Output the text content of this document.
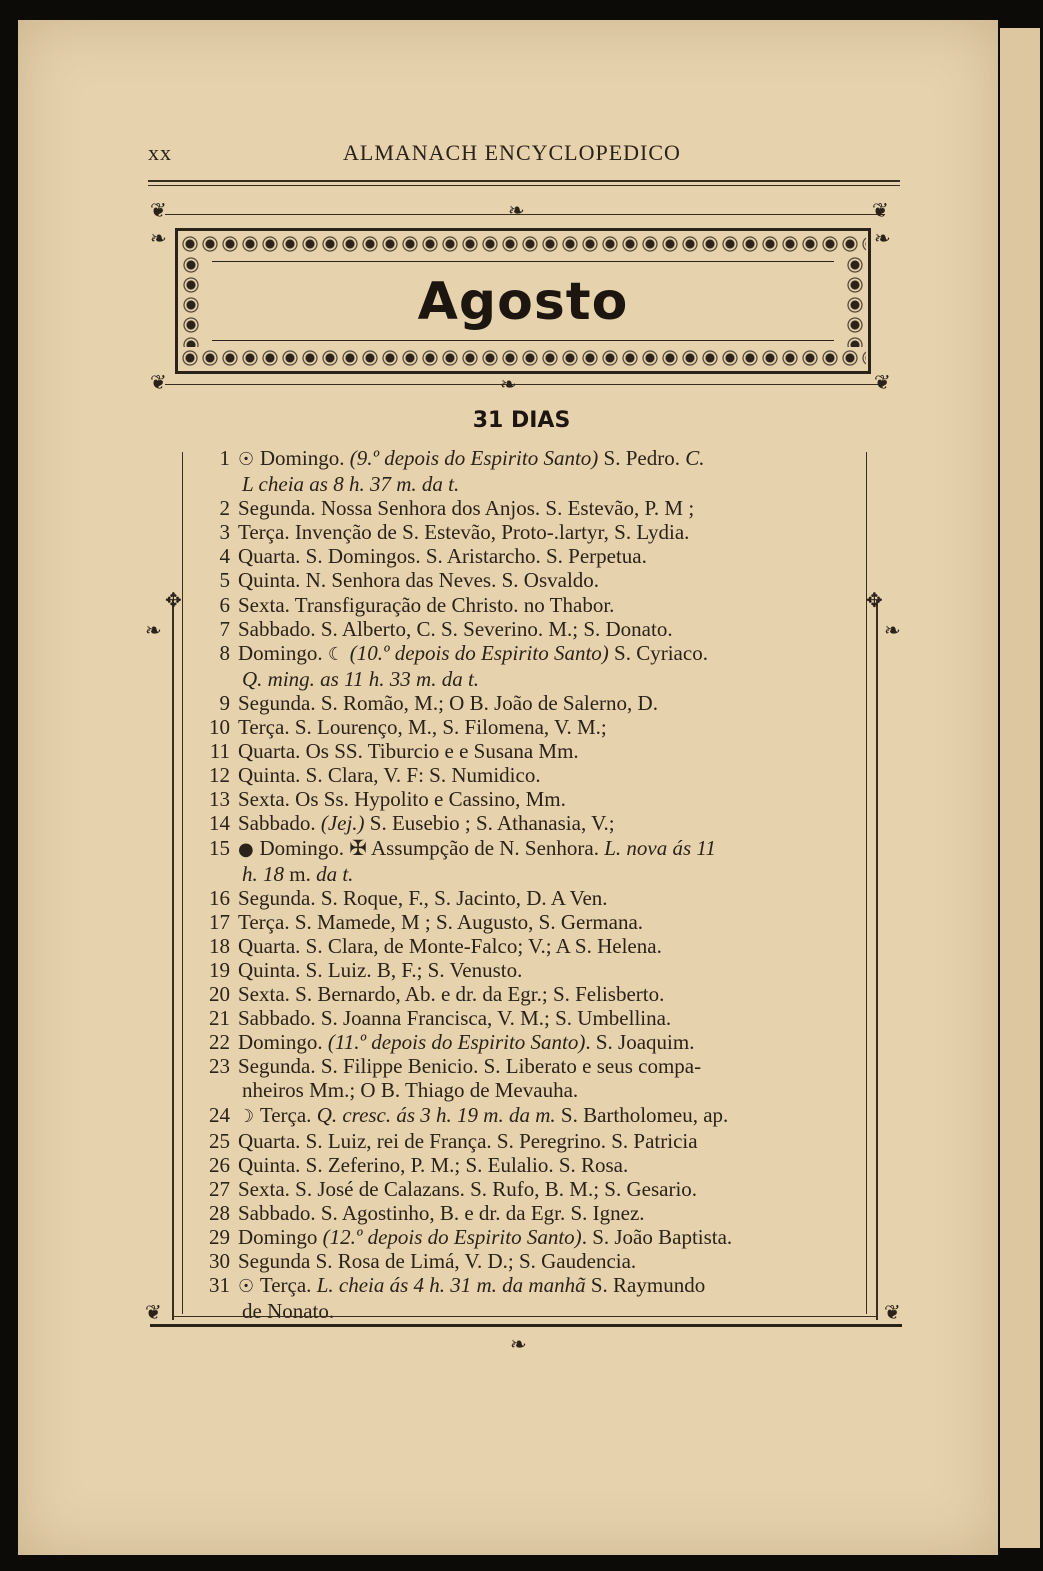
xx	ALMANACH ENCYCLOPEDICO
❦	❧	❦
❧	❧
Agosto
❦	❧	❦
31 DIAS
❧	❧
✥	✥
1 ☉ Domingo. (9.º depois do Espirito Santo) S. Pedro. C.
L cheia as 8 h. 37 m. da t.
2 Segunda. Nossa Senhora dos Anjos. S. Estevão, P. M ;
3 Terça. Invenção de S. Estevão, Proto-.lartyr, S. Lydia.
4 Quarta. S. Domingos. S. Aristarcho. S. Perpetua.
5 Quinta. N. Senhora das Neves. S. Osvaldo.
6 Sexta. Transfiguração de Christo. no Thabor.
7 Sabbado. S. Alberto, C. S. Severino. M.; S. Donato.
8 Domingo. ☾ (10.º depois do Espirito Santo) S. Cyriaco.
Q. ming. as 11 h. 33 m. da t.
9 Segunda. S. Romão, M.; O B. João de Salerno, D.
10 Terça. S. Lourenço, M., S. Filomena, V. M.;
11 Quarta. Os SS. Tiburcio e e Susana Mm.
12 Quinta. S. Clara, V. F: S. Numidico.
13 Sexta. Os Ss. Hypolito e Cassino, Mm.
14 Sabbado. (Jej.) S. Eusebio ; S. Athanasia, V.;
15 ● Domingo. ✠ Assumpção de N. Senhora. L. nova ás 11
h. 18 m. da t.
16 Segunda. S. Roque, F., S. Jacinto, D. A Ven.
17 Terça. S. Mamede, M ; S. Augusto, S. Germana.
18 Quarta. S. Clara, de Monte-Falco; V.; A S. Helena.
19 Quinta. S. Luiz. B, F.; S. Venusto.
20 Sexta. S. Bernardo, Ab. e dr. da Egr.; S. Felisberto.
21 Sabbado. S. Joanna Francisca, V. M.; S. Umbellina.
22 Domingo. (11.º depois do Espirito Santo). S. Joaquim.
23 Segunda. S. Filippe Benicio. S. Liberato e seus compa-
nheiros Mm.; O B. Thiago de Mevauha.
24 ☽ Terça. Q. cresc. ás 3 h. 19 m. da m. S. Bartholomeu, ap.
25 Quarta. S. Luiz, rei de França. S. Peregrino. S. Patricia
26 Quinta. S. Zeferino, P. M.; S. Eulalio. S. Rosa.
27 Sexta. S. José de Calazans. S. Rufo, B. M.; S. Gesario.
28 Sabbado. S. Agostinho, B. e dr. da Egr. S. Ignez.
29 Domingo (12.º depois do Espirito Santo). S. João Baptista.
30 Segunda S. Rosa de Limá, V. D.; S. Gaudencia.
31 ☉ Terça. L. cheia ás 4 h. 31 m. da manhã S. Raymundo
de Nonato.
❦	❦
❧
